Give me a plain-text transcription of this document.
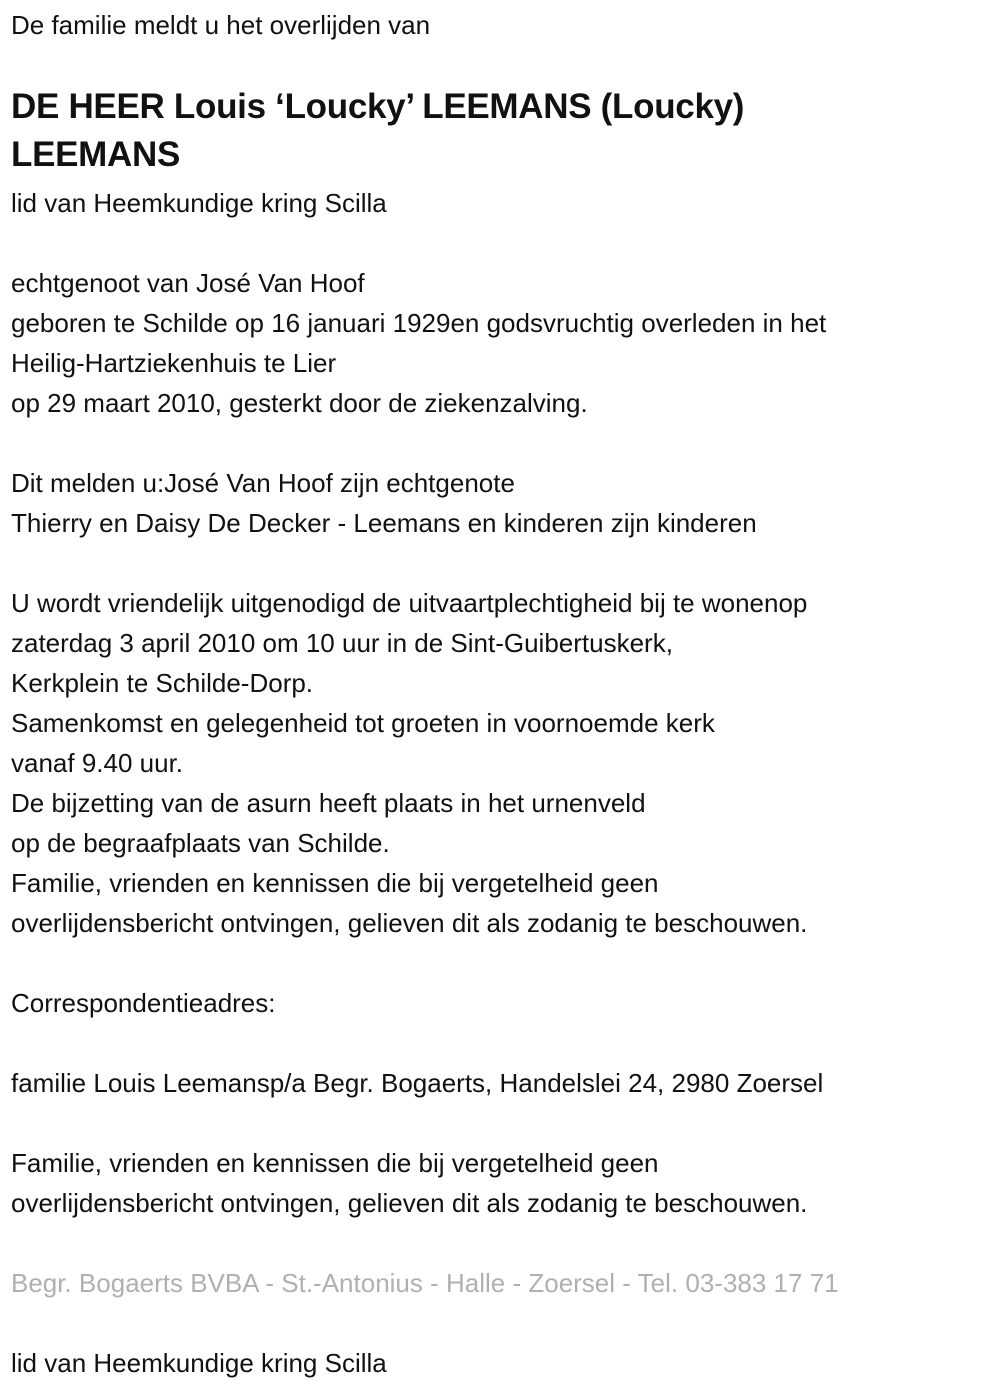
De familie meldt u het overlijden van
DE HEER Louis ‘Loucky’ LEEMANS (Loucky)
LEEMANS
lid van Heemkundige kring Scilla
echtgenoot van José Van Hoof
geboren te Schilde op 16 januari 1929en godsvruchtig overleden in het
Heilig-Hartziekenhuis te Lier
op 29 maart 2010, gesterkt door de ziekenzalving.
Dit melden u:José Van Hoof zijn echtgenote
Thierry en Daisy De Decker - Leemans en kinderen zijn kinderen
U wordt vriendelijk uitgenodigd de uitvaartplechtigheid bij te wonenop
zaterdag 3 april 2010 om 10 uur in de Sint-Guibertuskerk,
Kerkplein te Schilde-Dorp.
Samenkomst en gelegenheid tot groeten in voornoemde kerk
vanaf 9.40 uur.
De bijzetting van de asurn heeft plaats in het urnenveld
op de begraafplaats van Schilde.
Familie, vrienden en kennissen die bij vergetelheid geen
overlijdensbericht ontvingen, gelieven dit als zodanig te beschouwen.
Correspondentieadres:
familie Louis Leemansp/a Begr. Bogaerts, Handelslei 24, 2980 Zoersel
Familie, vrienden en kennissen die bij vergetelheid geen
overlijdensbericht ontvingen, gelieven dit als zodanig te beschouwen.
Begr. Bogaerts BVBA - St.-Antonius - Halle - Zoersel - Tel. 03-383 17 71
lid van Heemkundige kring Scilla
